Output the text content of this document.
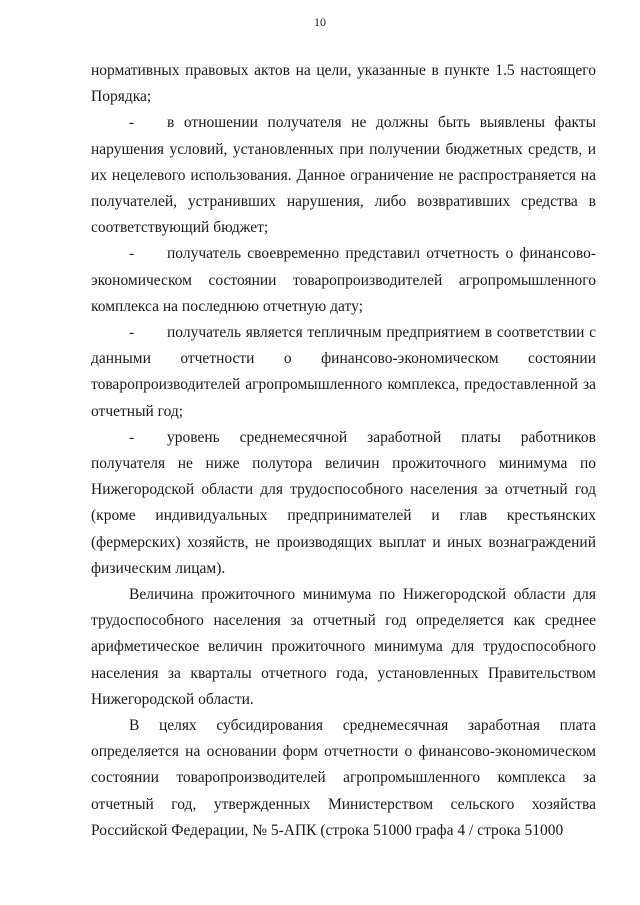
10

нормативных правовых актов на цели, указанные в пункте 1.5 настоящего Порядка;

- в отношении получателя не должны быть выявлены факты нарушения условий, установленных при получении бюджетных средств, и их нецелевого использования. Данное ограничение не распространяется на получателей, устранивших нарушения, либо возвративших средства в соответствующий бюджет;

- получатель своевременно представил отчетность о финансово-экономическом состоянии товаропроизводителей агропромышленного комплекса на последнюю отчетную дату;

- получатель является тепличным предприятием в соответствии с данными отчетности о финансово-экономическом состоянии товаропроизводителей агропромышленного комплекса, предоставленной за отчетный год;

- уровень среднемесячной заработной платы работников получателя не ниже полутора величин прожиточного минимума по Нижегородской области для трудоспособного населения за отчетный год (кроме индивидуальных предпринимателей и глав крестьянских (фермерских) хозяйств, не производящих выплат и иных вознаграждений физическим лицам).

Величина прожиточного минимума по Нижегородской области для трудоспособного населения за отчетный год определяется как среднее арифметическое величин прожиточного минимума для трудоспособного населения за кварталы отчетного года, установленных Правительством Нижегородской области.

В целях субсидирования среднемесячная заработная плата определяется на основании форм отчетности о финансово-экономическом состоянии товаропроизводителей агропромышленного комплекса за отчетный год, утвержденных Министерством сельского хозяйства Российской Федерации, № 5-АПК (строка 51000 графа 4 / строка 51000
